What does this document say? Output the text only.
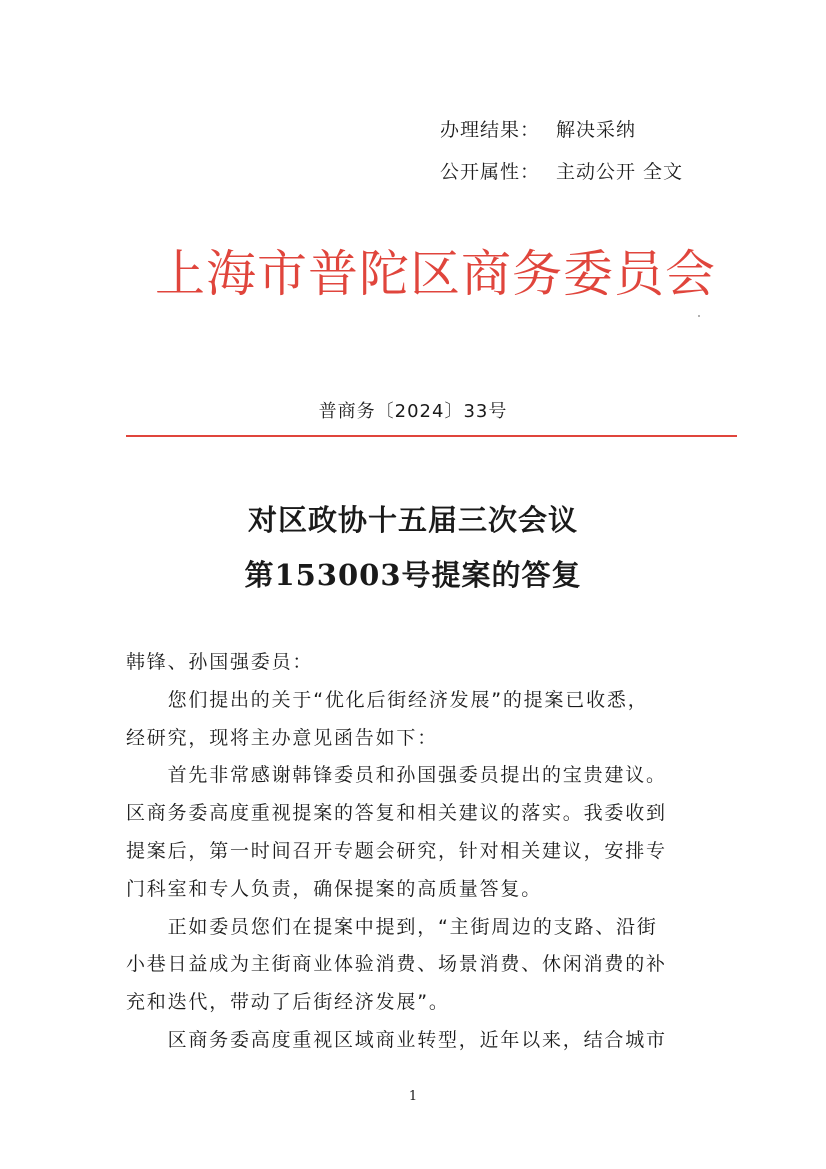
办理结果： 解决采纳
公开属性： 主动公开 全文
上海市普陀区商务委员会
普商务〔2024〕33号
对区政协十五届三次会议
第153003号提案的答复
韩锋、孙国强委员：
　　您们提出的关于“优化后街经济发展”的提案已收悉，
经研究，现将主办意见函告如下：
　　首先非常感谢韩锋委员和孙国强委员提出的宝贵建议。
区商务委高度重视提案的答复和相关建议的落实。我委收到
提案后，第一时间召开专题会研究，针对相关建议，安排专
门科室和专人负责，确保提案的高质量答复。
　　正如委员您们在提案中提到，“主街周边的支路、沿街
小巷日益成为主街商业体验消费、场景消费、休闲消费的补
充和迭代，带动了后街经济发展”。
　　区商务委高度重视区域商业转型，近年以来，结合城市
1
